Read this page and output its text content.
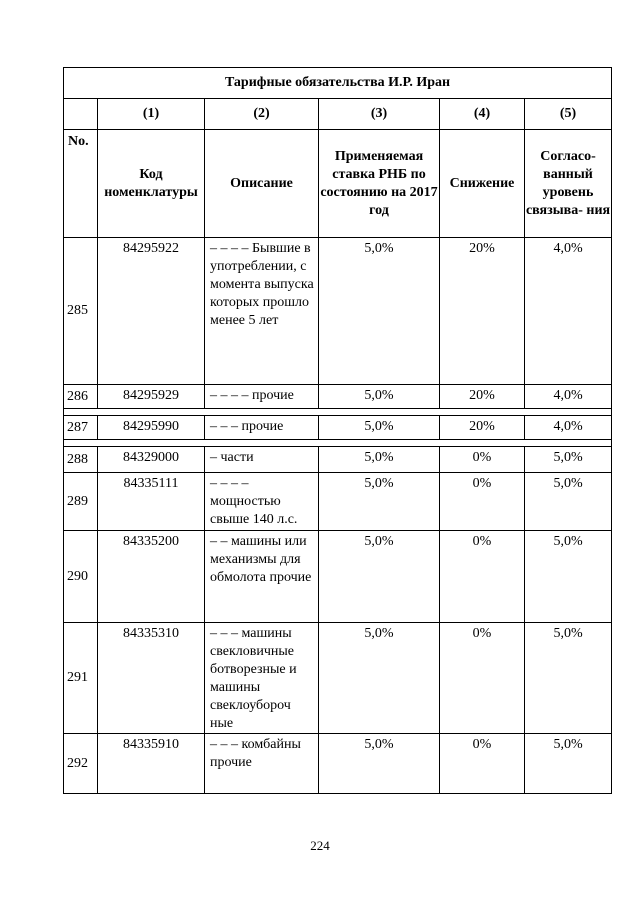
Тарифные обязательства И.Р. Иран					
	(1)	(2)	(3)	(4)	(5)
No.	Код номенклатуры	Описание	Применяемая ставка РНБ по состоянию на 2017 год	Снижение	Согласо- ванный уровень связыва- ния
285	84295922	– – – – Бывшие в употреблении, с момента выпуска которых прошло менее 5 лет	5,0%	20%	4,0%
286	84295929	– – – – прочие	5,0%	20%	4,0%

287	84295990	– – – прочие	5,0%	20%	4,0%

288	84329000	– части	5,0%	0%	5,0%
289	84335111	– – – – мощностью свыше 140 л.с.	5,0%	0%	5,0%
290	84335200	– – машины или механизмы для обмолота прочие	5,0%	0%	5,0%
291	84335310	– – – машины свекловичные ботворезные и машины свеклоубороч ные	5,0%	0%	5,0%
292	84335910	– – – комбайны прочие	5,0%	0%	5,0%
224
